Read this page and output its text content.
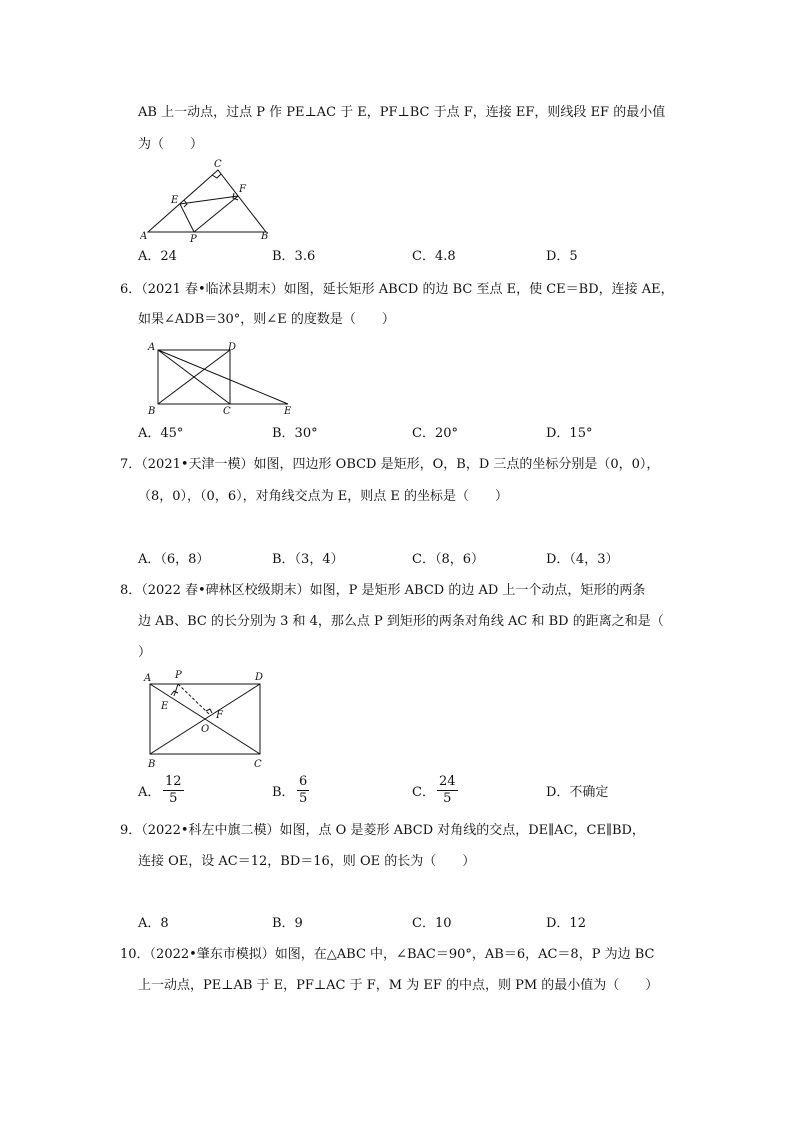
AB 上一动点，过点 P 作 PE⊥AC 于 E，PF⊥BC 于点 F，连接 EF，则线段 EF 的最小值
为（　　）
C
E
F
A	P	B
A．24	B．3.6	C．4.8	D．5
6．（2021 春•临沭县期末）如图，延长矩形 ABCD 的边 BC 至点 E，使 CE＝BD，连接 AE，
如果∠ADB＝30°，则∠E 的度数是（　　）
A	D
B	C	E
A．45°	B．30°	C．20°	D．15°
7．（2021•天津一模）如图，四边形 OBCD 是矩形，O，B，D 三点的坐标分别是（0，0），
（8，0），（0，6），对角线交点为 E，则点 E 的坐标是（　　）
A．（6，8）	B．（3，4）	C．（8，6）	D．（4，3）
8．（2022 春•碑林区校级期末）如图，P 是矩形 ABCD 的边 AD 上一个动点，矩形的两条
边 AB、BC 的长分别为 3 和 4，那么点 P 到矩形的两条对角线 AC 和 BD 的距离之和是（
）
A P	D
E
F
O
B	C
A． $\frac{12}{5}$	B． $\frac{6}{5}$	C． $\frac{24}{5}$	D．不确定
9．（2022•科左中旗二模）如图，点 O 是菱形 ABCD 对角线的交点，DE∥AC，CE∥BD，
连接 OE，设 AC＝12，BD＝16，则 OE 的长为（　　）
A．8	B．9	C．10	D．12
10．（2022•肇东市模拟）如图，在△ABC 中，∠BAC＝90°，AB＝6，AC＝8，P 为边 BC
上一动点，PE⊥AB 于 E，PF⊥AC 于 F，M 为 EF 的中点，则 PM 的最小值为（　　）
